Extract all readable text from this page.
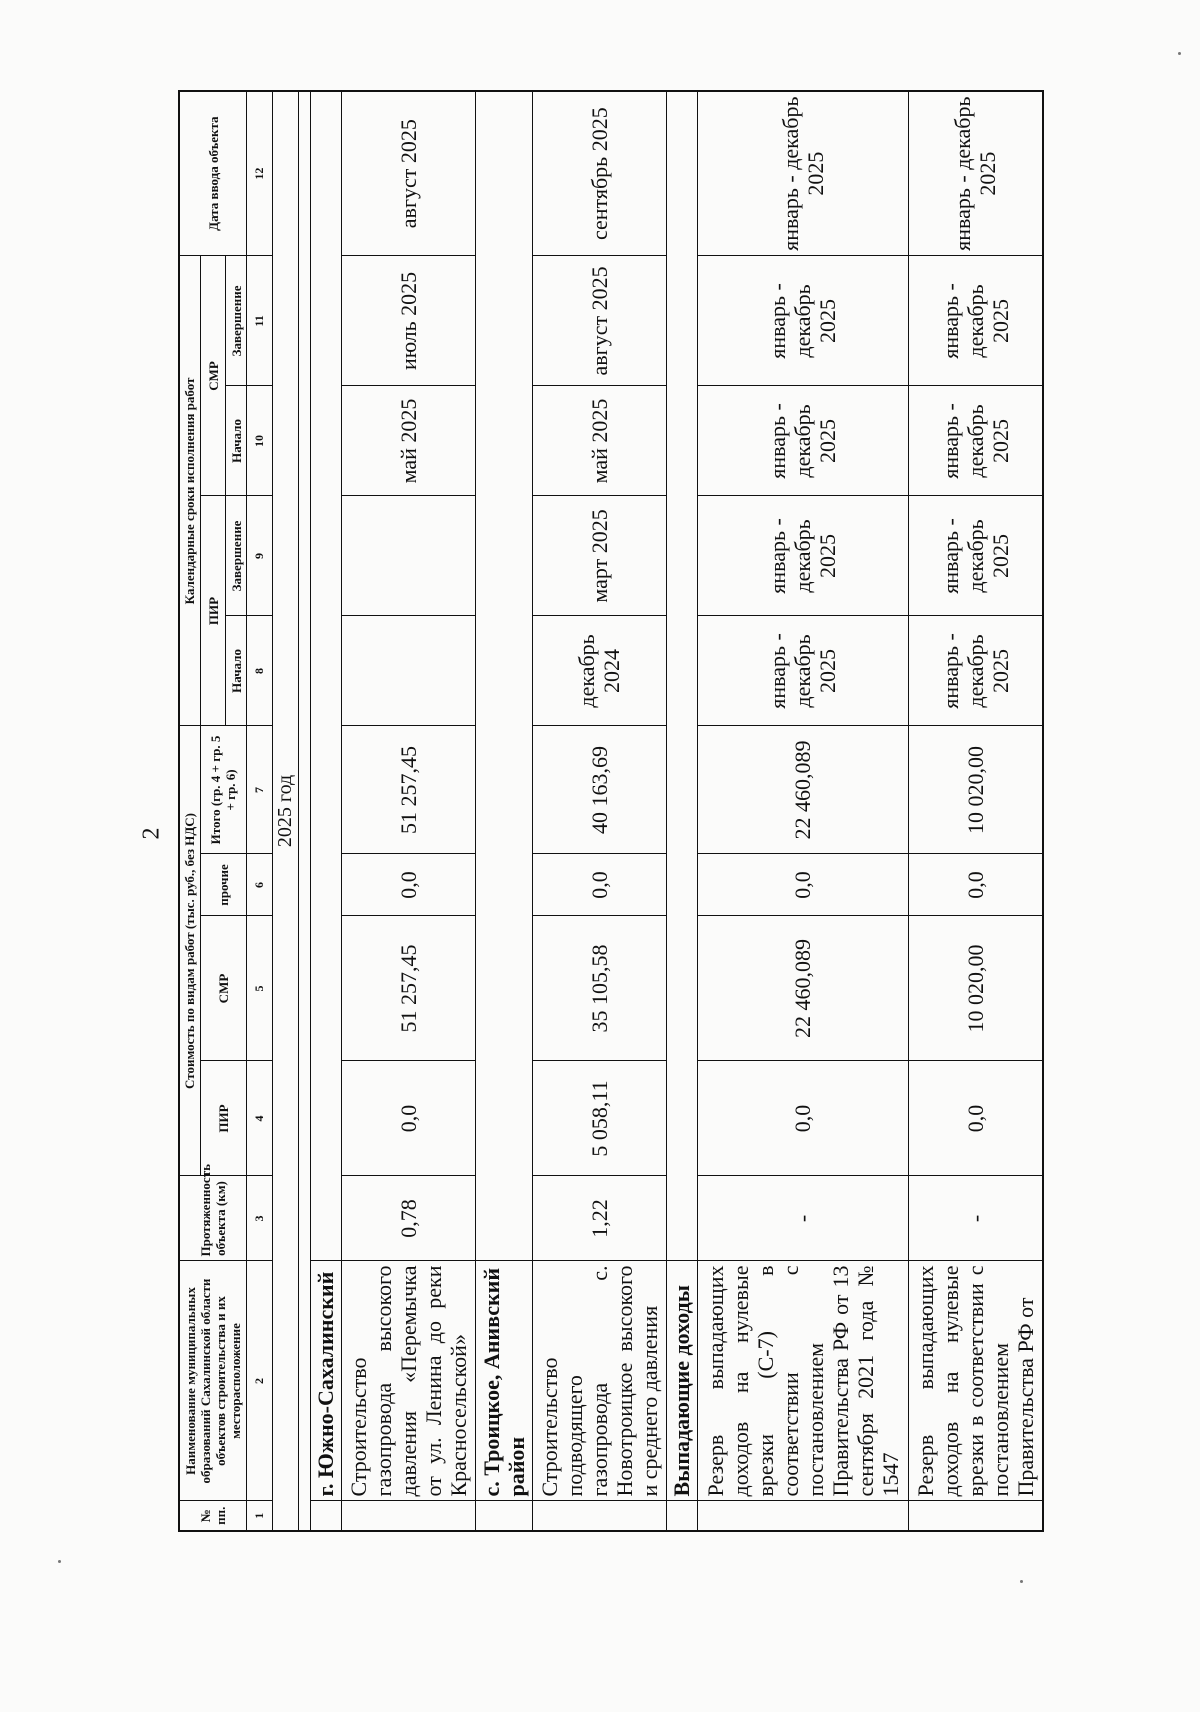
2
№ пп.	Наименование муниципальных образований Сахалинской области объектов строительства и их месторасположение	Протяженность объекта (км)	Стоимость по видам работ (тыс. руб., без НДС)				Календарные сроки исполнения работ				Дата ввода объекта
			ПИР	СМР	прочие	Итого (гр. 4 + гр. 5 + гр. 6)	ПИР		СМР		
							Начало	Завершение	Начало	Завершение	
1	2	3	4	5	6	7	8	9	10	11	12
2025 год											

	г. Южно-Сахалинский										
	Строительство газопровода высокого давления «Перемычка от ул. Ленина до реки Красносельской»	0,78	0,0	51 257,45	0,0	51 257,45			май 2025	июль 2025	август 2025
	с. Троицкое, Анивский район										
	Строительство подводящего газопровода с. Новотроицкое высокого и среднего давления	1,22	5 058,11	35 105,58	0,0	40 163,69	декабрь 2024	март 2025	май 2025	август 2025	сентябрь 2025
	Выпадающие доходы										
	Резерв выпадающих доходов на нулевые врезки (С-7) в соответствии с постановлением Правительства РФ от 13 сентября 2021 года № 1547	-	0,0	22 460,089	0,0	22 460,089	январь - декабрь 2025	январь - декабрь 2025	январь - декабрь 2025	январь - декабрь 2025	январь - декабрь 2025
	Резерв выпадающих доходов на нулевые врезки в соответствии с постановлением Правительства РФ от	-	0,0	10 020,00	0,0	10 020,00	январь - декабрь 2025	январь - декабрь 2025	январь - декабрь 2025	январь - декабрь 2025	январь - декабрь 2025
